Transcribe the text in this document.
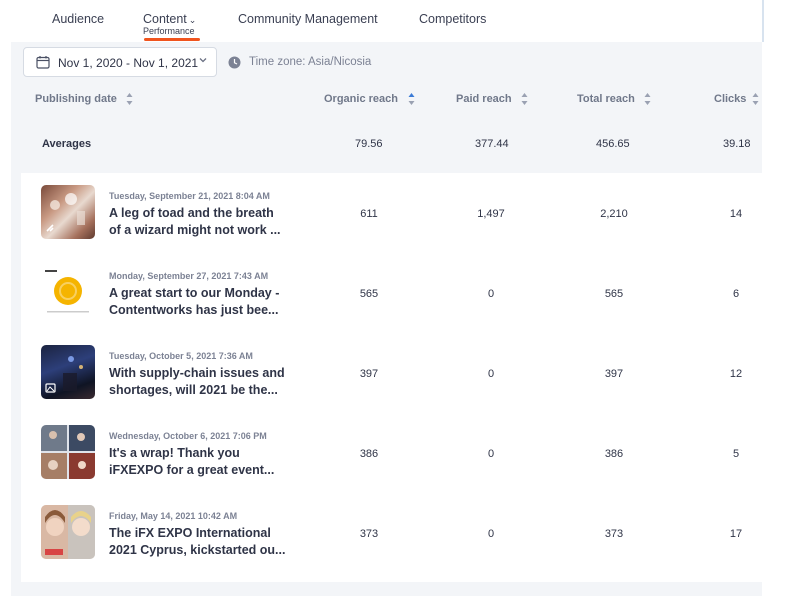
Audience	Content ⌄
Performance
Community Management	Competitors
Nov 1, 2020 - Nov 1, 2021	Time zone: Asia/Nicosia
Publishing date	Organic reach	Paid reach	Total reach	Clicks
Averages	79.56	377.44	456.65	39.18
Tuesday, September 21, 2021 8:04 AM
A leg of toad and the breath
of a wizard might not work ...
611	1,497	2,210	14
Monday, September 27, 2021 7:43 AM
A great start to our Monday -
Contentworks has just bee...
565	0	565	6
Tuesday, October 5, 2021 7:36 AM
With supply-chain issues and
shortages, will 2021 be the...
397	0	397	12
Wednesday, October 6, 2021 7:06 PM
It's a wrap! Thank you
iFXEXPO for a great event...
386	0	386	5
Friday, May 14, 2021 10:42 AM
The iFX EXPO International
2021 Cyprus, kickstarted ou...
373	0	373	17
